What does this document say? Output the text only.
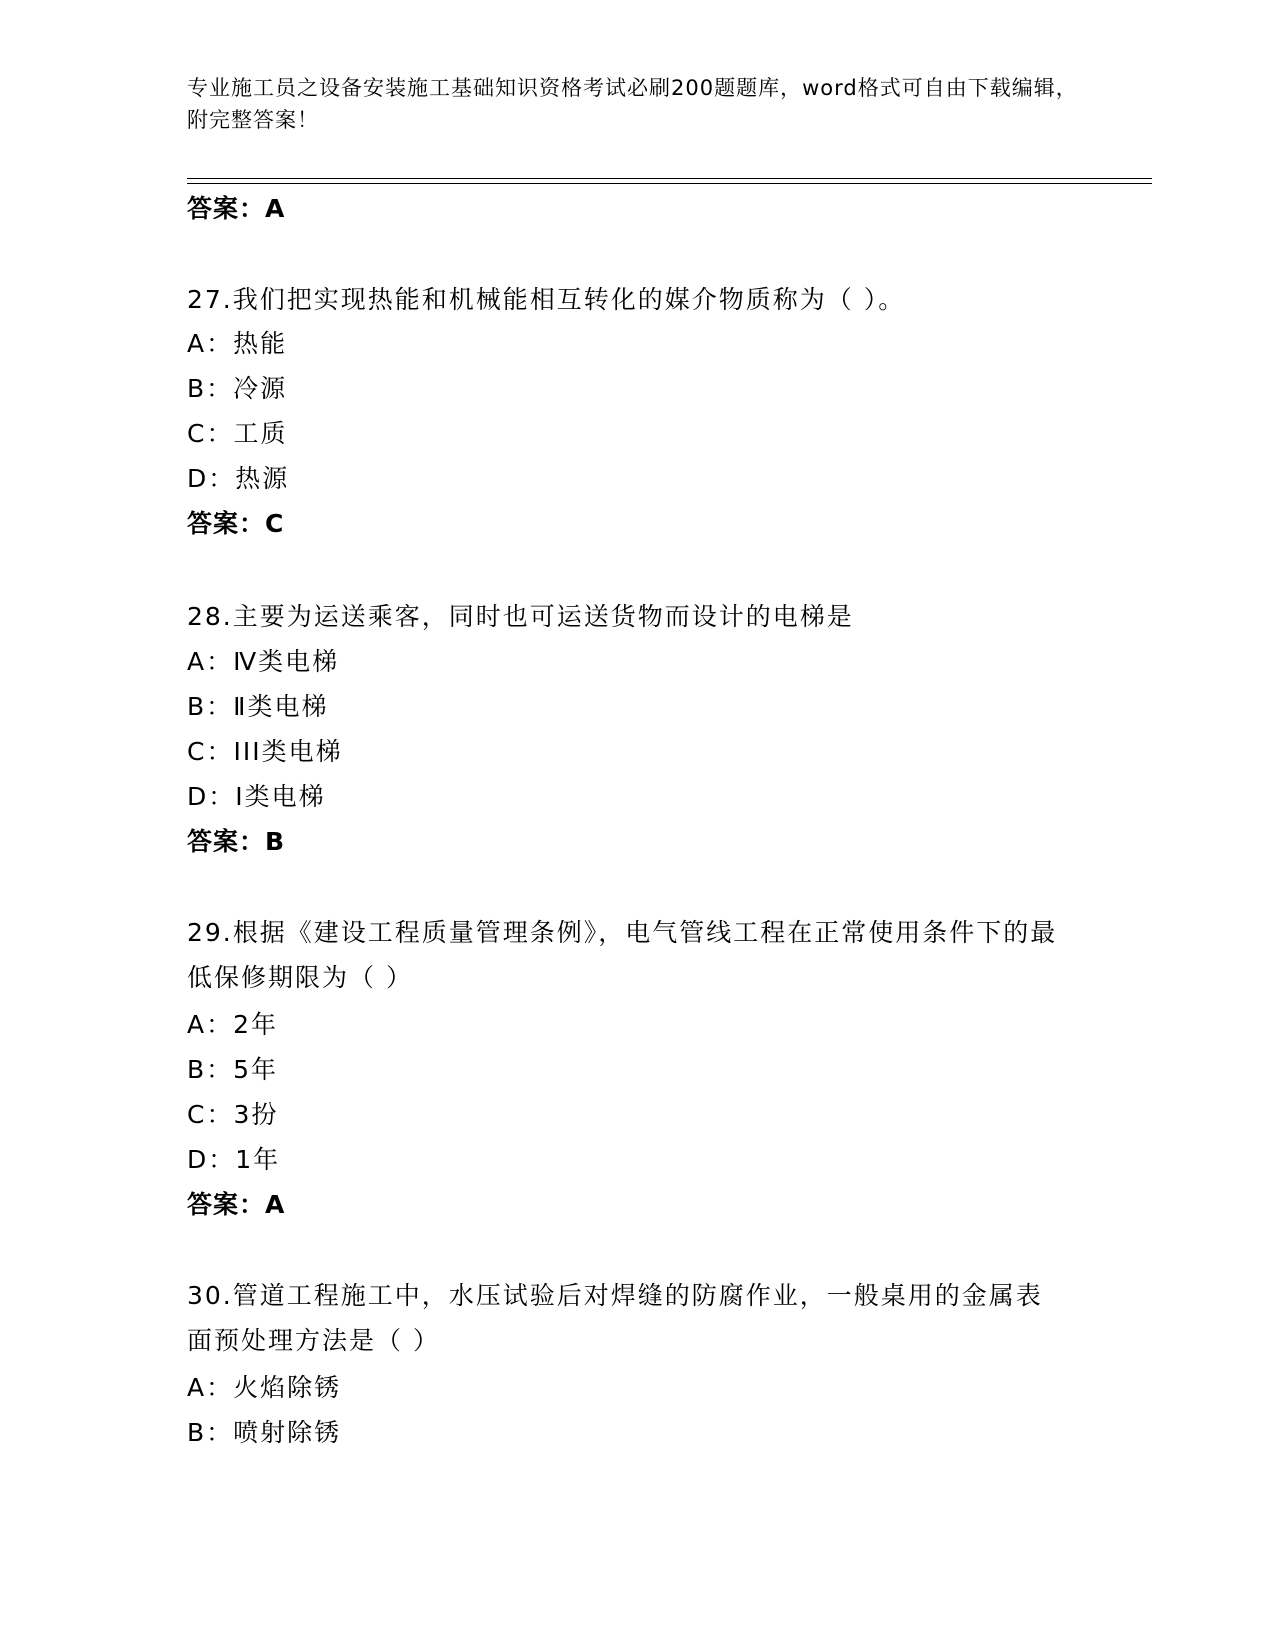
专业施工员之设备安装施工基础知识资格考试必刷200题题库，word格式可自由下载编辑，附完整答案！

答案：A

27.我们把实现热能和机械能相互转化的媒介物质称为（ ）。

A：热能

B：冷源

C：工质

D：热源

答案：C

28.主要为运送乘客，同时也可运送货物而设计的电梯是

A：Ⅳ类电梯

B：Ⅱ类电梯

C：III类电梯

D：Ⅰ类电梯

答案：B

29.根据《建设工程质量管理条例》，电气管线工程在正常使用条件下的最低保修期限为（ ）

A：2年

B：5年

C：3扮

D：1年

答案：A

30.管道工程施工中，水压试验后对焊缝的防腐作业，一般桌用的金属表面预处理方法是（ ）

A：火焰除锈

B：喷射除锈
